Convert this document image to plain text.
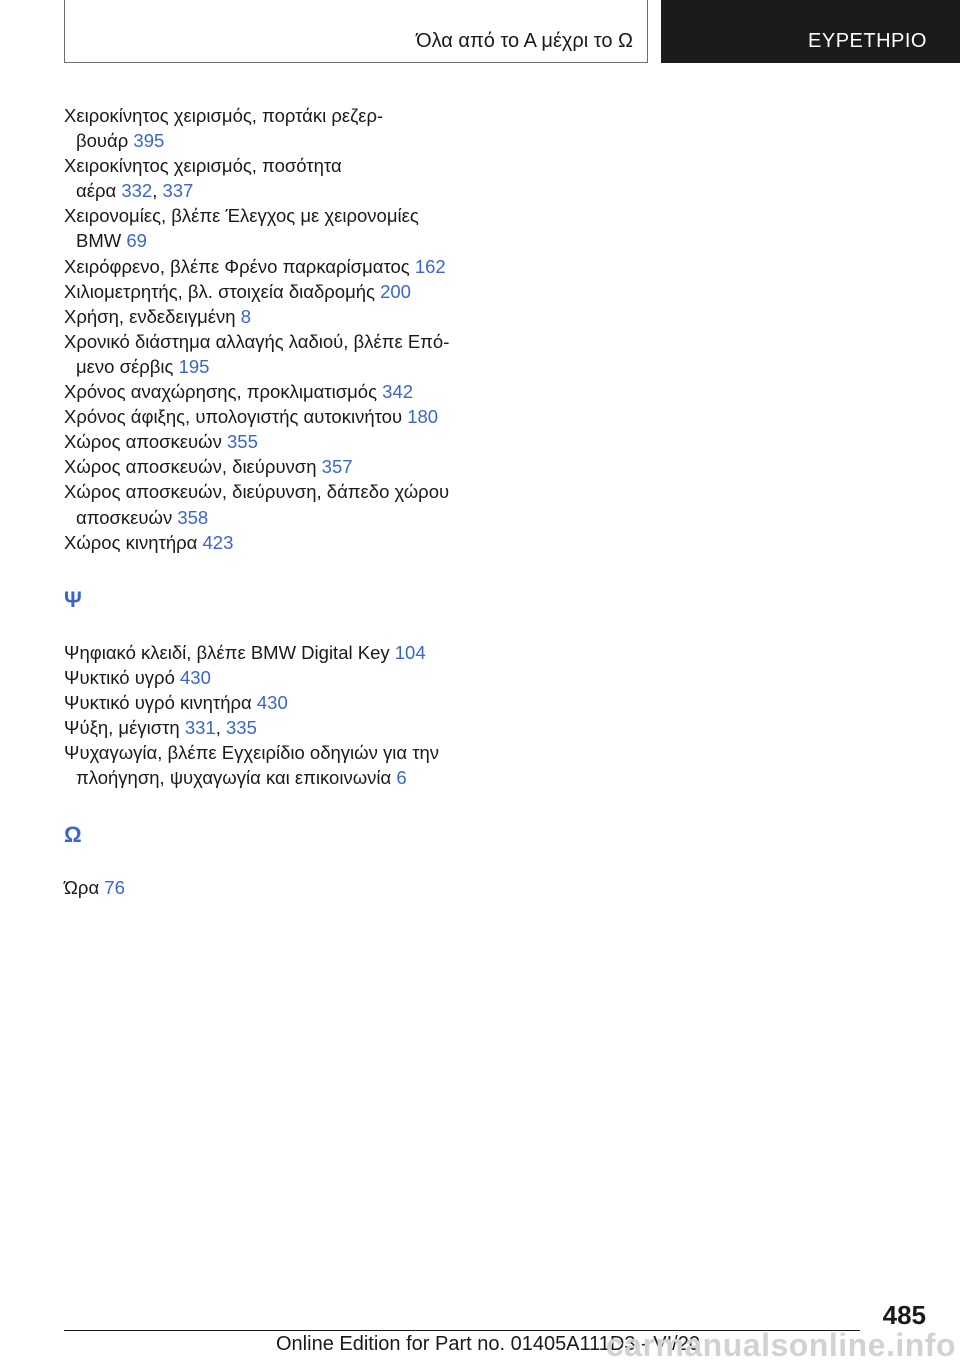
Όλα από το Α μέχρι το Ω	ΕΥΡΕΤΗΡΙΟ
Χειροκίνητος χειρισμός, πορτάκι ρεζερ-
βουάρ 395
Χειροκίνητος χειρισμός, ποσότητα
αέρα 332, 337
Χειρονομίες, βλέπε Έλεγχος με χειρονομίες
BMW 69
Χειρόφρενο, βλέπε Φρένο παρκαρίσματος 162
Χιλιομετρητής, βλ. στοιχεία διαδρομής 200
Χρήση, ενδεδειγμένη 8
Χρονικό διάστημα αλλαγής λαδιού, βλέπε Επό-
μενο σέρβις 195
Χρόνος αναχώρησης, προκλιματισμός 342
Χρόνος άφιξης, υπολογιστής αυτοκινήτου 180
Χώρος αποσκευών 355
Χώρος αποσκευών, διεύρυνση 357
Χώρος αποσκευών, διεύρυνση, δάπεδο χώρου
αποσκευών 358
Χώρος κινητήρα 423
Ψ
Ψηφιακό κλειδί, βλέπε BMW Digital Key 104
Ψυκτικό υγρό 430
Ψυκτικό υγρό κινητήρα 430
Ψύξη, μέγιστη 331, 335
Ψυχαγωγία, βλέπε Εγχειρίδιο οδηγιών για την
πλοήγηση, ψυχαγωγία και επικοινωνία 6
Ω
Ώρα 76
485
Online Edition for Part no. 01405A111D3 - VI/20
carmanualsonline.info
